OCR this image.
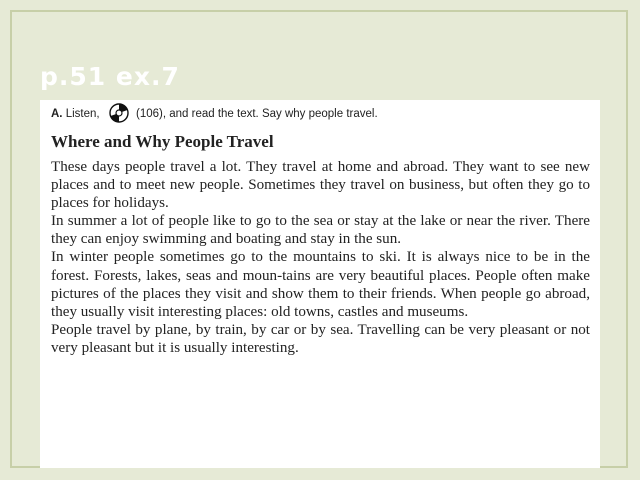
p.51 ex.7
A. Listen,	(106), and read the text. Say why people travel.
Where and Why People Travel

These days people travel a lot. They travel at home and abroad. They want to see new places and to meet new people. Sometimes they travel on business, but often they go to places for holidays.

In summer a lot of people like to go to the sea or stay at the lake or near the river. There they can enjoy swimming and boating and stay in the sun.

In winter people sometimes go to the mountains to ski. It is always nice to be in the forest. Forests, lakes, seas and moun-tains are very beautiful places. People often make pictures of the places they visit and show them to their friends. When people go abroad, they usually visit interesting places: old towns, castles and museums.

People travel by plane, by train, by car or by sea. Travelling can be very pleasant or not very pleasant but it is usually interesting.
